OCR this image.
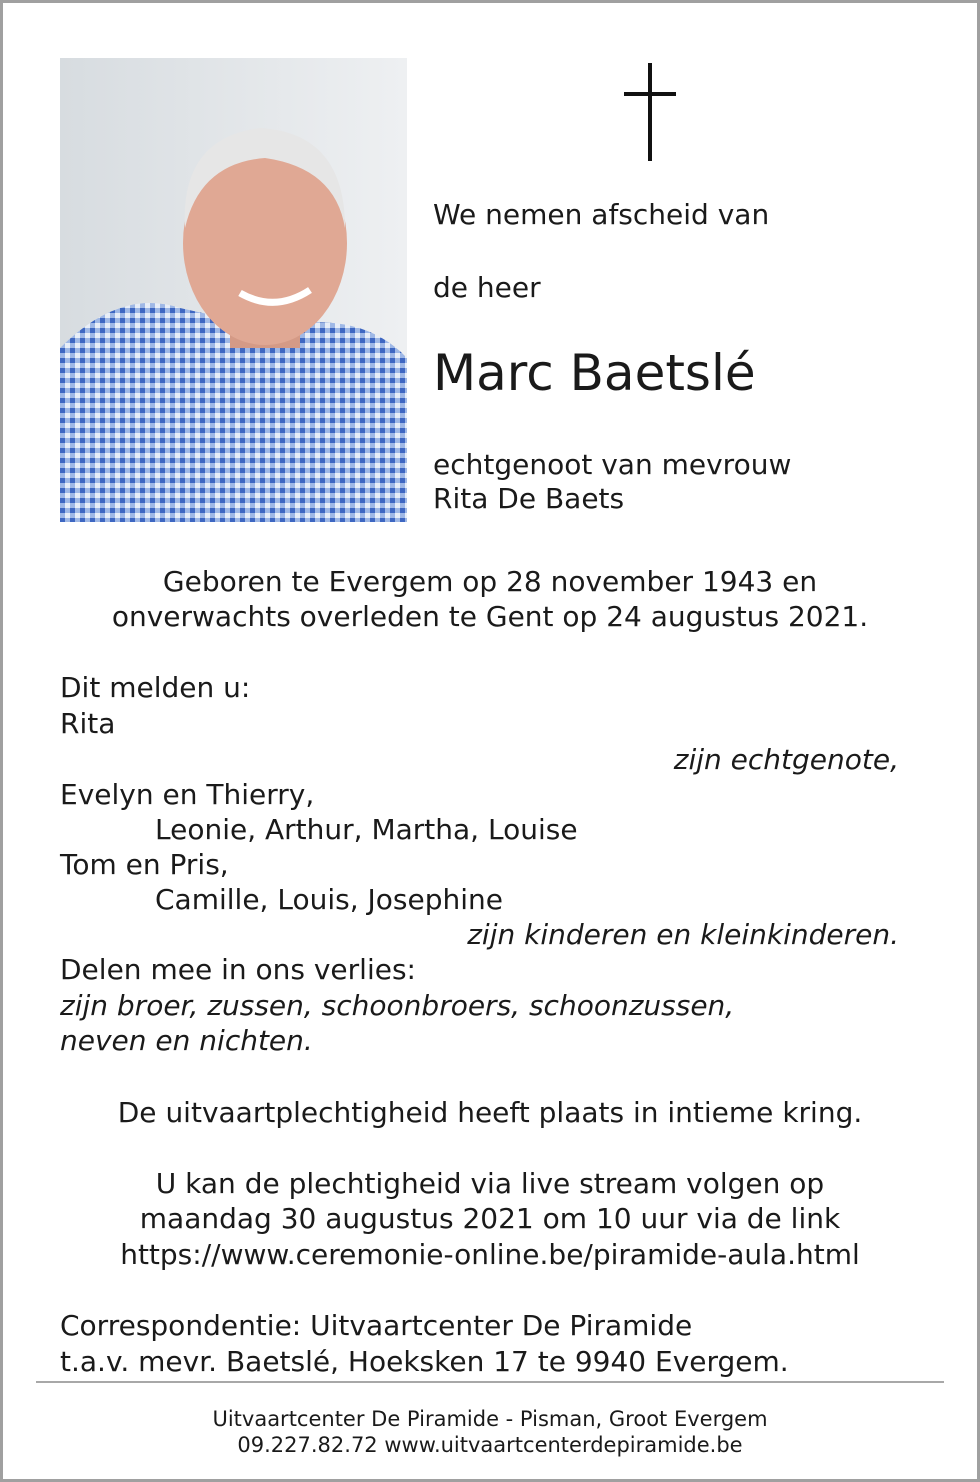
We nemen afscheid van
de heer
Marc Baetslé
echtgenoot van mevrouw
Rita De Baets
Geboren te Evergem op 28 november 1943 en
onverwachts overleden te Gent op 24 augustus 2021.
Dit melden u:
Rita
zijn echtgenote,
Evelyn en Thierry,
Leonie, Arthur, Martha, Louise
Tom en Pris,
Camille, Louis, Josephine
zijn kinderen en kleinkinderen.
Delen mee in ons verlies:
zijn broer, zussen, schoonbroers, schoonzussen,
neven en nichten.
De uitvaartplechtigheid heeft plaats in intieme kring.
U kan de plechtigheid via live stream volgen op
maandag 30 augustus 2021 om 10 uur via de link
https://www.ceremonie-online.be/piramide-aula.html
Correspondentie: Uitvaartcenter De Piramide
t.a.v. mevr. Baetslé, Hoeksken 17 te 9940 Evergem.
Uitvaartcenter De Piramide - Pisman, Groot Evergem
09.227.82.72 www.uitvaartcenterdepiramide.be
